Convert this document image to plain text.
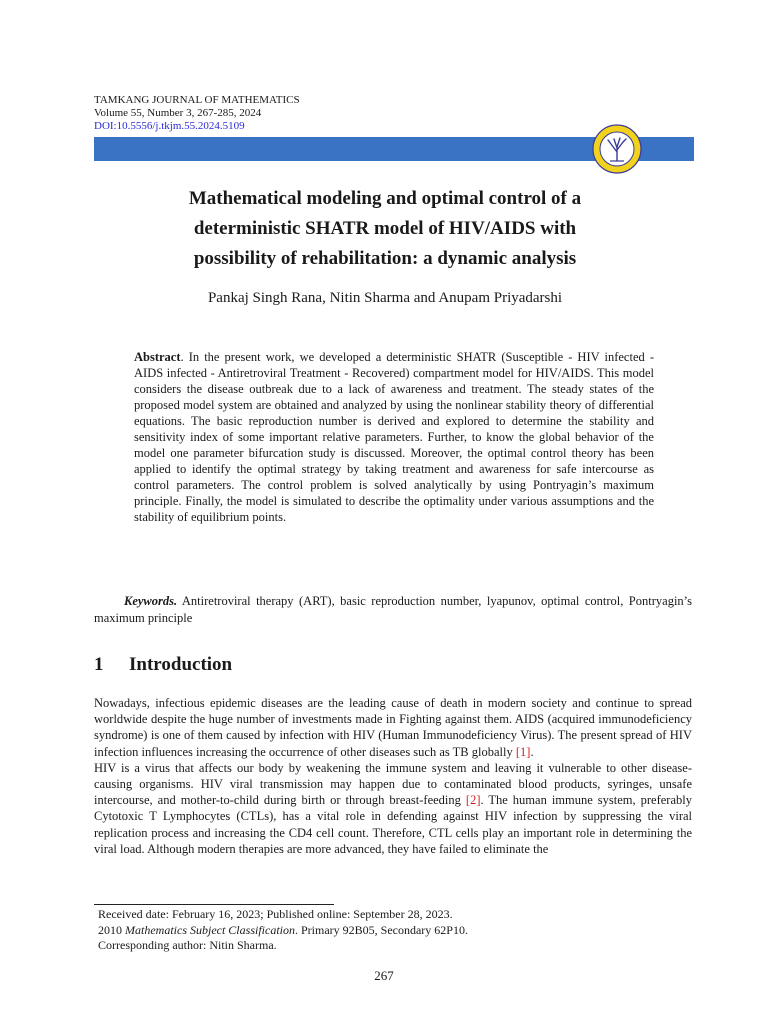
TAMKANG JOURNAL OF MATHEMATICS
Volume 55, Number 3, 267-285, 2024
DOI:10.5556/j.tkjm.55.2024.5109
Mathematical modeling and optimal control of a
deterministic SHATR model of HIV/AIDS with
possibility of rehabilitation: a dynamic analysis
Pankaj Singh Rana, Nitin Sharma and Anupam Priyadarshi
Abstract. In the present work, we developed a deterministic SHATR (Susceptible - HIV infected -AIDS infected - Antiretroviral Treatment - Recovered) compartment model for HIV/AIDS. This model considers the disease outbreak due to a lack of awareness and treatment. The steady states of the proposed model system are obtained and analyzed by using the nonlinear stability theory of differential equations. The basic reproduction number is derived and explored to determine the stability and sensitivity index of some important relative parameters. Further, to know the global behavior of the model one parameter bifurcation study is discussed. Moreover, the optimal control theory has been applied to identify the optimal strategy by taking treatment and awareness for safe intercourse as control parameters. The control problem is solved analytically by using Pontryagin’s maximum principle. Finally, the model is simulated to describe the optimality under various assumptions and the stability of equilibrium points.
Keywords. Antiretroviral therapy (ART), basic reproduction number, lyapunov, optimal control, Pontryagin’s maximum principle
1 Introduction

Nowadays, infectious epidemic diseases are the leading cause of death in modern society and continue to spread worldwide despite the huge number of investments made in Fighting against them. AIDS (acquired immunodeficiency syndrome) is one of them caused by infection with HIV (Human Immunodeficiency Virus). The present spread of HIV infection influences increasing the occurrence of other diseases such as TB globally [1].

HIV is a virus that affects our body by weakening the immune system and leaving it vulnerable to other disease-causing organisms. HIV viral transmission may happen due to contaminated blood products, syringes, unsafe intercourse, and mother-to-child during birth or through breast-feeding [2]. The human immune system, preferably Cytotoxic T Lymphocytes (CTLs), has a vital role in defending against HIV infection by suppressing the viral replication process and increasing the CD4 cell count. Therefore, CTL cells play an important role in determining the viral load. Although modern therapies are more advanced, they have failed to eliminate the

Received date: February 16, 2023; Published online: September 28, 2023.
2010 Mathematics Subject Classification. Primary 92B05, Secondary 62P10.
Corresponding author: Nitin Sharma.
267
